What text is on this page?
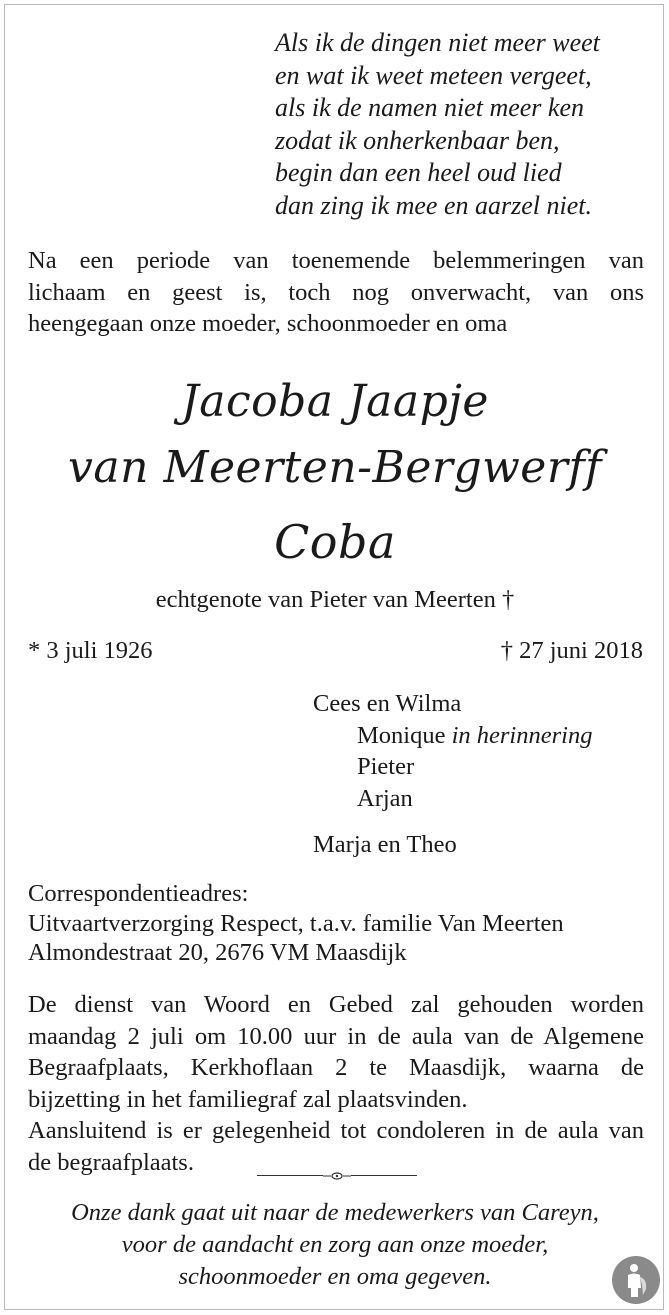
Als ik de dingen niet meer weet
en wat ik weet meteen vergeet,
als ik de namen niet meer ken
zodat ik onherkenbaar ben,
begin dan een heel oud lied
dan zing ik mee en aarzel niet.
Na een periode van toenemende belemmeringen van
lichaam en geest is, toch nog onverwacht, van ons
heengegaan onze moeder, schoonmoeder en oma
Jacoba Jaapje
van Meerten-Bergwerff
Coba
echtgenote van Pieter van Meerten †
* 3 juli 1926	† 27 juni 2018
Cees en Wilma
Monique in herinnering
Pieter
Arjan
Marja en Theo
Correspondentieadres:
Uitvaartverzorging Respect, t.a.v. familie Van Meerten
Almondestraat 20, 2676 VM Maasdijk
De dienst van Woord en Gebed zal gehouden worden
maandag 2 juli om 10.00 uur in de aula van de Algemene
Begraafplaats, Kerkhoflaan 2 te Maasdijk, waarna de
bijzetting in het familiegraf zal plaatsvinden.
Aansluitend is er gelegenheid tot condoleren in de aula van
de begraafplaats.
Onze dank gaat uit naar de medewerkers van Careyn,
voor de aandacht en zorg aan onze moeder,
schoonmoeder en oma gegeven.
